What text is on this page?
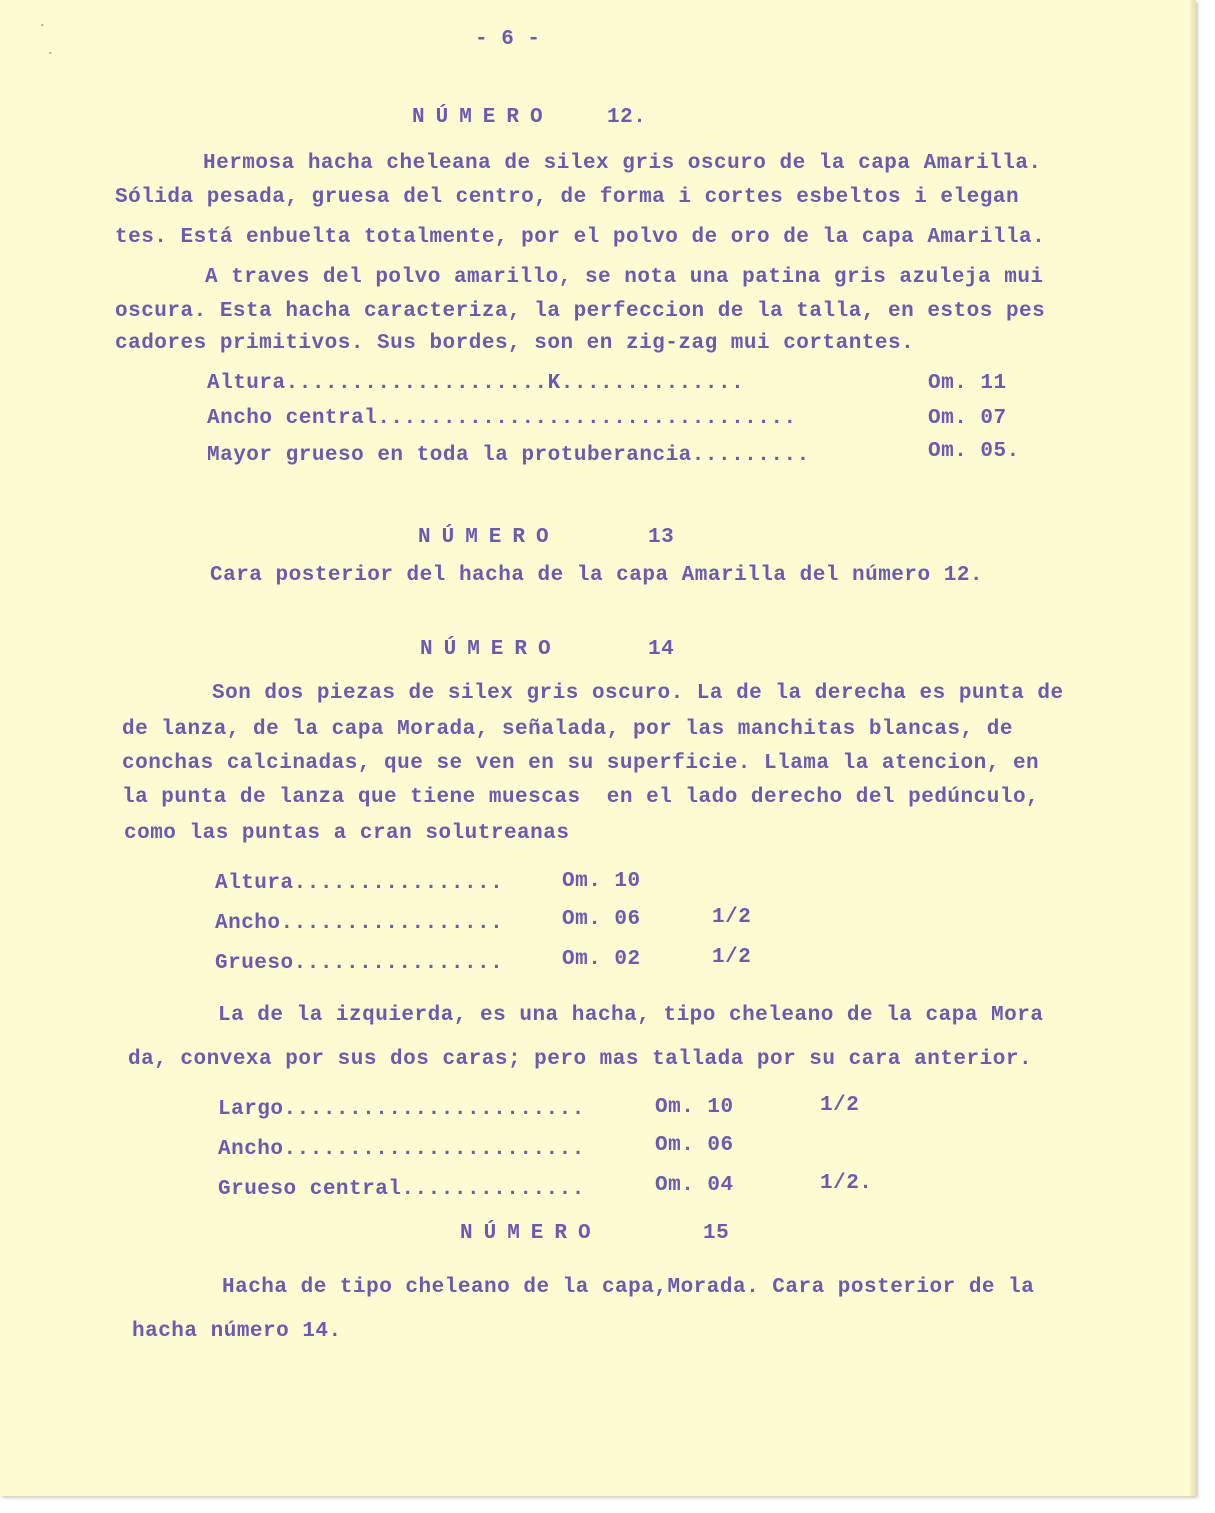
·
·
- 6 -
NÚMERO	12.
Hermosa hacha cheleana de silex gris oscuro de la capa Amarilla.
Sólida pesada, gruesa del centro, de forma i cortes esbeltos i elegan
tes. Está enbuelta totalmente, por el polvo de oro de la capa Amarilla.
A traves del polvo amarillo, se nota una patina gris azuleja mui
oscura. Esta hacha caracteriza, la perfeccion de la talla, en estos pes
cadores primitivos. Sus bordes, son en zig-zag mui cortantes.
Altura....................K..............	Om. 11
Ancho central................................	Om. 07
Mayor grueso en toda la protuberancia.........	Om. 05.
NÚMERO	13
Cara posterior del hacha de la capa Amarilla del número 12.
NÚMERO	14
Son dos piezas de silex gris oscuro. La de la derecha es punta de
de lanza, de la capa Morada, señalada, por las manchitas blancas, de
conchas calcinadas, que se ven en su superficie. Llama la atencion, en
la punta de lanza que tiene muescas  en el lado derecho del pedúnculo,
como las puntas a cran solutreanas
Altura................	Om. 10
Ancho.................	Om. 06	1/2
Grueso................	Om. 02	1/2
La de la izquierda, es una hacha, tipo cheleano de la capa Mora
da, convexa por sus dos caras; pero mas tallada por su cara anterior.
Largo.......................	Om. 10	1/2
Ancho.......................	Om. 06
Grueso central..............	Om. 04	1/2.
NÚMERO	15
Hacha de tipo cheleano de la capa,Morada. Cara posterior de la
hacha número 14.
